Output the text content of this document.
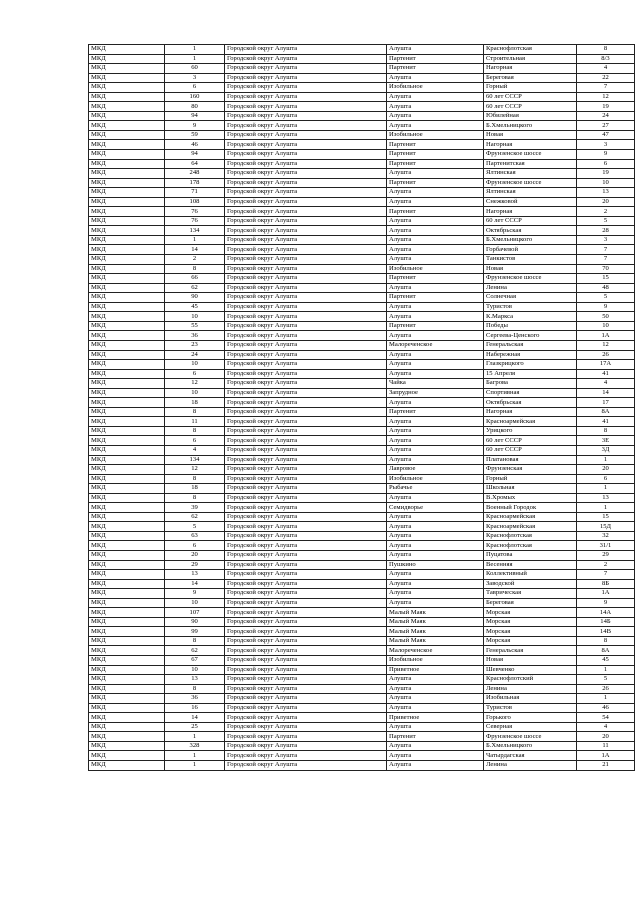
МКД	1	Городской округ Алушта	Алушта	Краснофлотская	8
МКД	1	Городской округ Алушта	Партенит	Строительная	8/3
МКД	60	Городской округ Алушта	Партенит	Нагорная	4
МКД	3	Городской округ Алушта	Алушта	Береговая	22
МКД	6	Городской округ Алушта	Изобильное	Горный	7
МКД	160	Городской округ Алушта	Алушта	60 лет СССР	12
МКД	80	Городской округ Алушта	Алушта	60 лет СССР	19
МКД	94	Городской округ Алушта	Алушта	Юбилейная	24
МКД	9	Городской округ Алушта	Алушта	Б.Хмельницкого	27
МКД	59	Городской округ Алушта	Изобильное	Новая	47
МКД	46	Городской округ Алушта	Партенит	Нагорная	3
МКД	94	Городской округ Алушта	Партенит	Фрунзенское шоссе	9
МКД	64	Городской округ Алушта	Партенит	Партенитская	6
МКД	248	Городской округ Алушта	Алушта	Ялтинская	19
МКД	178	Городской округ Алушта	Партенит	Фрунзенское шоссе	10
МКД	71	Городской округ Алушта	Алушта	Ялтинская	13
МКД	108	Городской округ Алушта	Алушта	Снежковой	20
МКД	76	Городской округ Алушта	Партенит	Нагорная	2
МКД	76	Городской округ Алушта	Алушта	60 лет СССР	5
МКД	134	Городской округ Алушта	Алушта	Октябрьская	28
МКД	1	Городской округ Алушта	Алушта	Б.Хмельницкого	3
МКД	14	Городской округ Алушта	Алушта	Горбачевой	7
МКД	2	Городской округ Алушта	Алушта	Танкистов	7
МКД	8	Городской округ Алушта	Изобильное	Новая	70
МКД	66	Городской округ Алушта	Партенит	Фрунзенское шоссе	15
МКД	62	Городской округ Алушта	Алушта	Ленина	48
МКД	90	Городской округ Алушта	Партенит	Солнечная	5
МКД	45	Городской округ Алушта	Алушта	Туристов	9
МКД	10	Городской округ Алушта	Алушта	К.Маркса	50
МКД	55	Городской округ Алушта	Партенит	Победы	10
МКД	36	Городской округ Алушта	Алушта	Сергеева-Ценского	1А
МКД	23	Городской округ Алушта	Малореченское	Генеральская	12
МКД	24	Городской округ Алушта	Алушта	Набережная	26
МКД	10	Городской округ Алушта	Алушта	Глазкрицкого	17А
МКД	6	Городской округ Алушта	Алушта	15 Апреля	41
МКД	12	Городской округ Алушта	Чайка	Багрова	4
МКД	10	Городской округ Алушта	Запрудное	Спортивная	14
МКД	18	Городской округ Алушта	Алушта	Октябрьская	17
МКД	8	Городской округ Алушта	Партенит	Нагорная	8А
МКД	11	Городской округ Алушта	Алушта	Красноармейская	41
МКД	8	Городской округ Алушта	Алушта	Урицкого	8
МКД	6	Городской округ Алушта	Алушта	60 лет СССР	3Е
МКД	4	Городской округ Алушта	Алушта	60 лет СССР	3Д
МКД	134	Городской округ Алушта	Алушта	Платановая	1
МКД	12	Городской округ Алушта	Лавровое	Фрунзенская	20
МКД	8	Городской округ Алушта	Изобильное	Горный	6
МКД	18	Городской округ Алушта	Рыбачье	Школьная	1
МКД	8	Городской округ Алушта	Алушта	В.Хромых	13
МКД	39	Городской округ Алушта	Семидворье	Военный Городок	1
МКД	62	Городской округ Алушта	Алушта	Красноармейская	15
МКД	5	Городской округ Алушта	Алушта	Красноармейская	15Д
МКД	63	Городской округ Алушта	Алушта	Краснофлотская	32
МКД	6	Городской округ Алушта	Алушта	Краснофлотская	31/1
МКД	20	Городской округ Алушта	Алушта	Пуцатова	29
МКД	29	Городской округ Алушта	Пушкино	Весенняя	2
МКД	13	Городской округ Алушта	Алушта	Коллективный	7
МКД	14	Городской округ Алушта	Алушта	Заводской	8Б
МКД	9	Городской округ Алушта	Алушта	Таврическая	1А
МКД	10	Городской округ Алушта	Алушта	Береговая	9
МКД	107	Городской округ Алушта	Малый Маяк	Морская	14А
МКД	90	Городской округ Алушта	Малый Маяк	Морская	14Б
МКД	99	Городской округ Алушта	Малый Маяк	Морская	14В
МКД	8	Городской округ Алушта	Малый Маяк	Морская	8
МКД	62	Городской округ Алушта	Малореченское	Генеральская	8А
МКД	67	Городской округ Алушта	Изобильное	Новая	45
МКД	10	Городской округ Алушта	Приветное	Шевченко	1
МКД	13	Городской округ Алушта	Алушта	Краснофлотский	5
МКД	8	Городской округ Алушта	Алушта	Ленина	26
МКД	36	Городской округ Алушта	Алушта	Изобильная	1
МКД	16	Городской округ Алушта	Алушта	Туристов	46
МКД	14	Городской округ Алушта	Приветное	Горького	54
МКД	25	Городской округ Алушта	Алушта	Северная	4
МКД	1	Городской округ Алушта	Партенит	Фрунзенское шоссе	20
МКД	328	Городской округ Алушта	Алушта	Б.Хмельницкого	11
МКД	1	Городской округ Алушта	Алушта	Чатырдагская	1А
МКД	1	Городской округ Алушта	Алушта	Ленина	21
